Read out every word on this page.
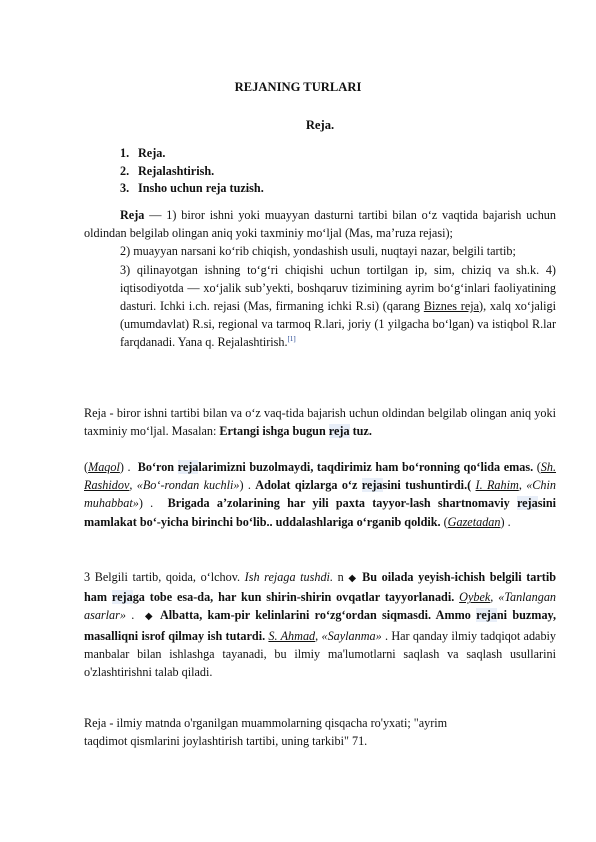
REJANING TURLARI
Reja.
1. Reja.
2. Rejalashtirish.
3. Insho uchun reja tuzish.

Reja — 1) biror ishni yoki muayyan dasturni tartibi bilan o‘z vaqtida bajarish uchun oldindan belgilab olingan aniq yoki taxminiy mo‘ljal (Mas, ma’ruza rejasi);

2) muayyan narsani ko‘rib chiqish, yondashish usuli, nuqtayi nazar, belgili tartib;

3) qilinayotgan ishning to‘g‘ri chiqishi uchun tortilgan ip, sim, chiziq va sh.k. 4) iqtisodiyotda — xo‘jalik sub’yekti, boshqaruv tizimining ayrim bo‘g‘inlari faoliyatining dasturi. Ichki i.ch. rejasi (Mas, firmaning ichki R.si) (qarang Biznes reja), xalq xo‘jaligi (umumdavlat) R.si, regional va tarmoq R.lari, joriy (1 yilgacha bo‘lgan) va istiqbol R.lar farqdanadi. Yana q. Rejalashtirish.[1]

Reja - biror ishni tartibi bilan va o‘z vaq-tida bajarish uchun oldindan belgilab olingan aniq yoki taxminiy mo‘ljal. Masalan: Ertangi ishga bugun reja tuz.

(Maqol) .  Bo‘ron rejalarimizni buzolmaydi, taqdirimiz ham bo‘ronning qo‘lida emas. (Sh. Rashidov, «Bo‘-rondan kuchli») . Adolat qizlarga o‘z rejasini tushuntirdi.( I. Rahim, «Chin muhabbat») .  Brigada a’zolarining har yili paxta tayyor-lash shartnomaviy rejasini mamlakat bo‘-yicha birinchi bo‘lib.. uddalashlariga o‘rganib qoldik. (Gazetadan) .

3 Belgili tartib, qoida, o‘lchov. Ish rejaga tushdi. n ◆ Bu oilada yeyish-ichish belgili tartib ham rejaga tobe esa-da, har kun shirin-shirin ovqatlar tayyorlanadi. Oybek, «Tanlangan asarlar» .  ◆ Albatta, kam-pir kelinlarini ro‘zg‘ordan siqmasdi. Ammo rejani buzmay, masalliqni isrof qilmay ish tutardi. S. Ahmad, «Saylanma» . Har qanday ilmiy tadqiqot adabiy manbalar bilan ishlashga tayanadi, bu ilmiy ma'lumotlarni saqlash va saqlash usullarini o'zlashtirishni talab qiladi.

Reja - ilmiy matnda o'rganilgan muammolarning qisqacha ro'yxati; "ayrim
taqdimot qismlarini joylashtirish tartibi, uning tarkibi" 71.
